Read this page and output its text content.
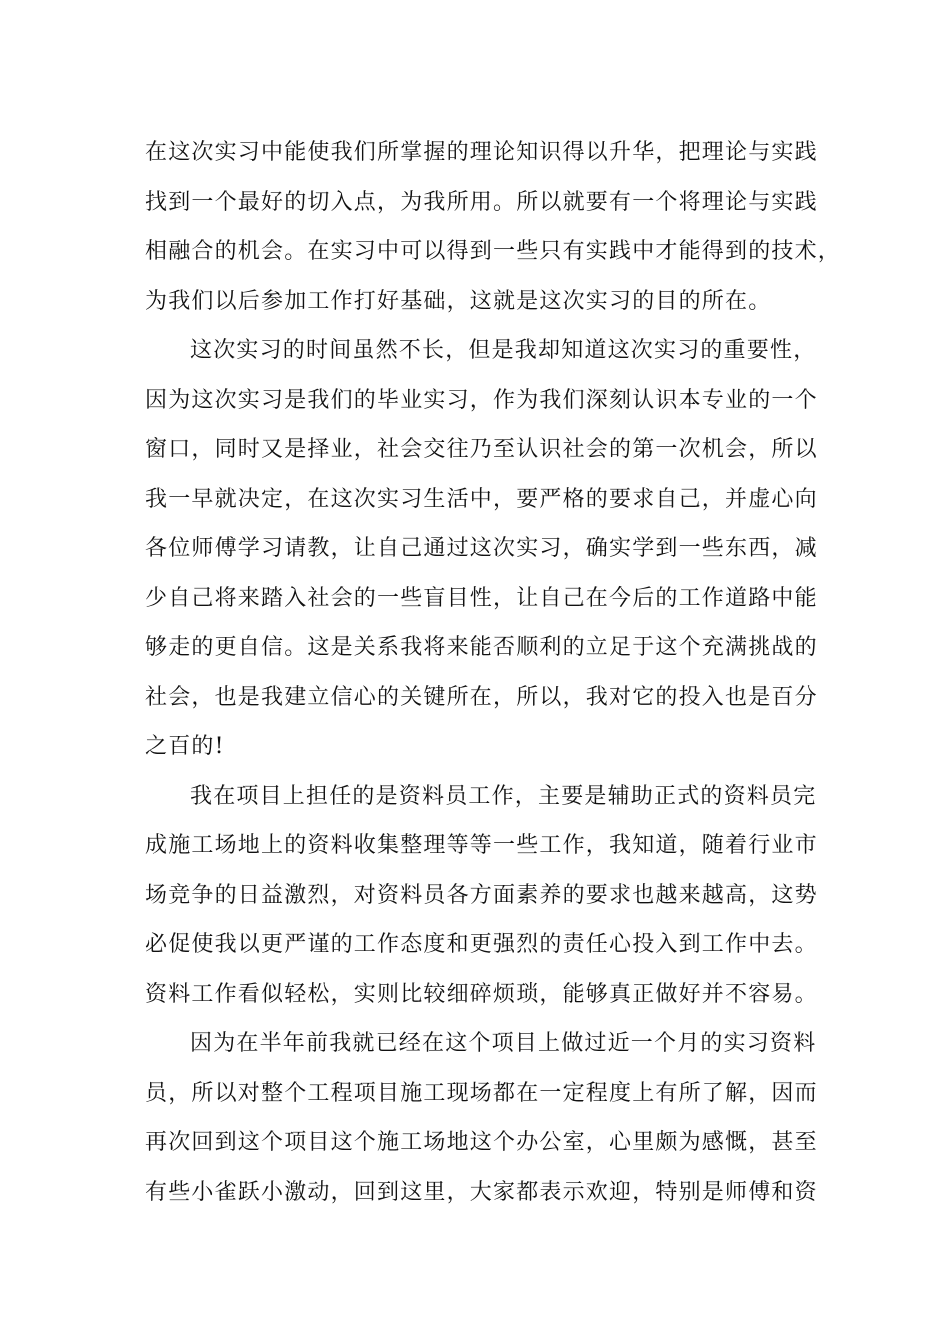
在这次实习中能使我们所掌握的理论知识得以升华，把理论与实践
找到一个最好的切入点，为我所用。所以就要有一个将理论与实践
相融合的机会。在实习中可以得到一些只有实践中才能得到的技术，
为我们以后参加工作打好基础，这就是这次实习的目的所在。
这次实习的时间虽然不长，但是我却知道这次实习的重要性，
因为这次实习是我们的毕业实习，作为我们深刻认识本专业的一个
窗口，同时又是择业，社会交往乃至认识社会的第一次机会，所以
我一早就决定，在这次实习生活中，要严格的要求自己，并虚心向
各位师傅学习请教，让自己通过这次实习，确实学到一些东西，减
少自己将来踏入社会的一些盲目性，让自己在今后的工作道路中能
够走的更自信。这是关系我将来能否顺利的立足于这个充满挑战的
社会，也是我建立信心的关键所在，所以，我对它的投入也是百分
之百的!
我在项目上担任的是资料员工作，主要是辅助正式的资料员完
成施工场地上的资料收集整理等等一些工作，我知道，随着行业市
场竞争的日益激烈，对资料员各方面素养的要求也越来越高，这势
必促使我以更严谨的工作态度和更强烈的责任心投入到工作中去。
资料工作看似轻松，实则比较细碎烦琐，能够真正做好并不容易。
因为在半年前我就已经在这个项目上做过近一个月的实习资料
员，所以对整个工程项目施工现场都在一定程度上有所了解，因而
再次回到这个项目这个施工场地这个办公室，心里颇为感慨，甚至
有些小雀跃小激动，回到这里，大家都表示欢迎，特别是师傅和资
